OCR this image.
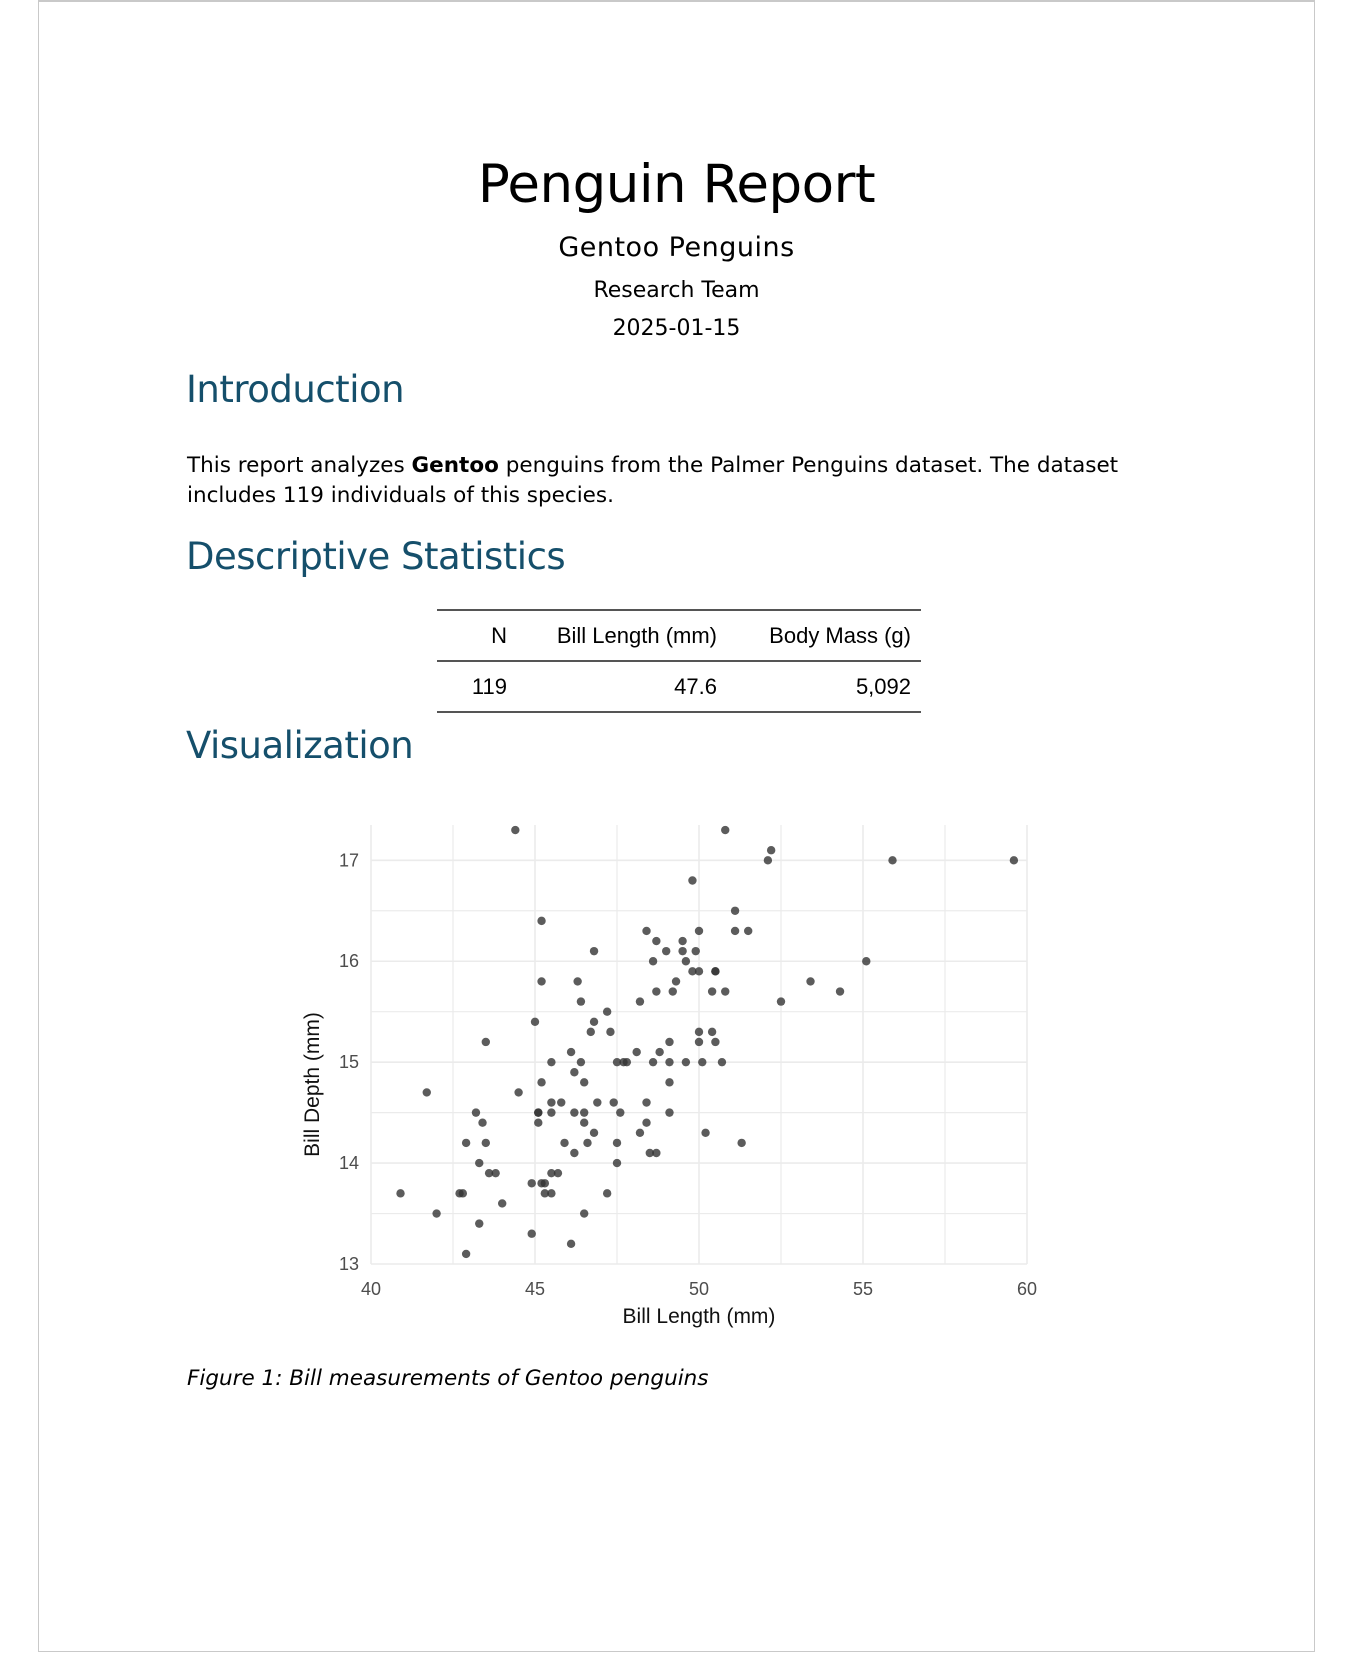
Penguin Report
Gentoo Penguins
Research Team
2025-01-15
Introduction

This report analyzes Gentoo penguins from the Palmer Penguins dataset. The dataset includes 119 individuals of this species.

Descriptive Statistics
N	Bill Length (mm)	Body Mass (g)
119	47.6	5,092
Visualization
40	45	50	55	60
13
14
15
16
17
Bill Length (mm)
Bill Depth (mm)

Figure 1: Bill measurements of Gentoo penguins
